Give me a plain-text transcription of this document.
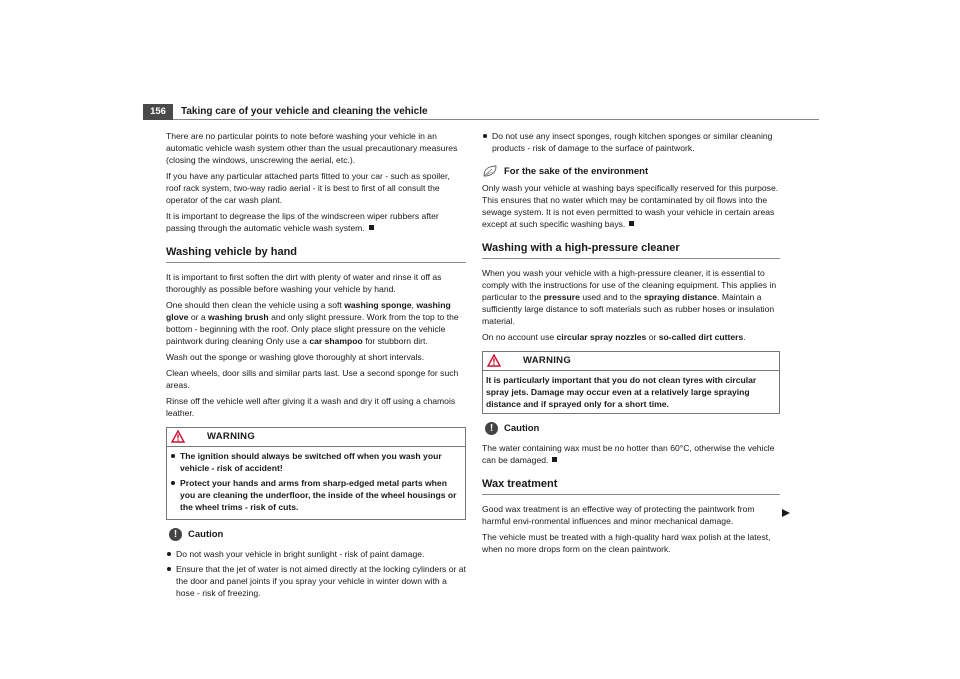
156	Taking care of your vehicle and cleaning the vehicle

There are no particular points to note before washing your vehicle in an automatic vehicle wash system other than the usual precautionary measures (closing the windows, unscrewing the aerial, etc.).

If you have any particular attached parts fitted to your car - such as spoiler, roof rack system, two-way radio aerial - it is best to first of all consult the operator of the car wash plant.

It is important to degrease the lips of the windscreen wiper rubbers after passing through the automatic vehicle wash system.

Washing vehicle by hand

It is important to first soften the dirt with plenty of water and rinse it off as thoroughly as possible before washing your vehicle by hand.

One should then clean the vehicle using a soft washing sponge, washing glove or a washing brush and only slight pressure. Work from the top to the bottom - beginning with the roof. Only place slight pressure on the vehicle paintwork during cleaning Only use a car shampoo for stubborn dirt.

Wash out the sponge or washing glove thoroughly at short intervals.

Clean wheels, door sills and similar parts last. Use a second sponge for such areas.

Rinse off the vehicle well after giving it a wash and dry it off using a chamois leather.

WARNING
The ignition should always be switched off when you wash your vehicle - risk of accident!
Protect your hands and arms from sharp-edged metal parts when you are cleaning the underfloor, the inside of the wheel housings or the wheel trims - risk of cuts.
!	Caution
Do not wash your vehicle in bright sunlight - risk of paint damage.
Ensure that the jet of water is not aimed directly at the locking cylinders or at the door and panel joints if you spray your vehicle in winter down with a hose - risk of freezing.
Do not use any insect sponges, rough kitchen sponges or similar cleaning products - risk of damage to the surface of paintwork.
For the sake of the environment

Only wash your vehicle at washing bays specifically reserved for this purpose. This ensures that no water which may be contaminated by oil flows into the sewage system. It is not even permitted to wash your vehicle in certain areas except at such specific washing bays.

Washing with a high-pressure cleaner

When you wash your vehicle with a high-pressure cleaner, it is essential to comply with the instructions for use of the cleaning equipment. This applies in particular to the pressure used and to the spraying distance. Maintain a sufficiently large distance to soft materials such as rubber hoses or insulation material.

On no account use circular spray nozzles or so-called dirt cutters.

WARNING
It is particularly important that you do not clean tyres with circular spray jets. Damage may occur even at a relatively large spraying distance and if sprayed only for a short time.
!	Caution

The water containing wax must be no hotter than 60°C, otherwise the vehicle can be damaged.

Wax treatment

Good wax treatment is an effective way of protecting the paintwork from harmful envi-ronmental influences and minor mechanical damage.

The vehicle must be treated with a high-quality hard wax polish at the latest, when no more drops form on the clean paintwork.
